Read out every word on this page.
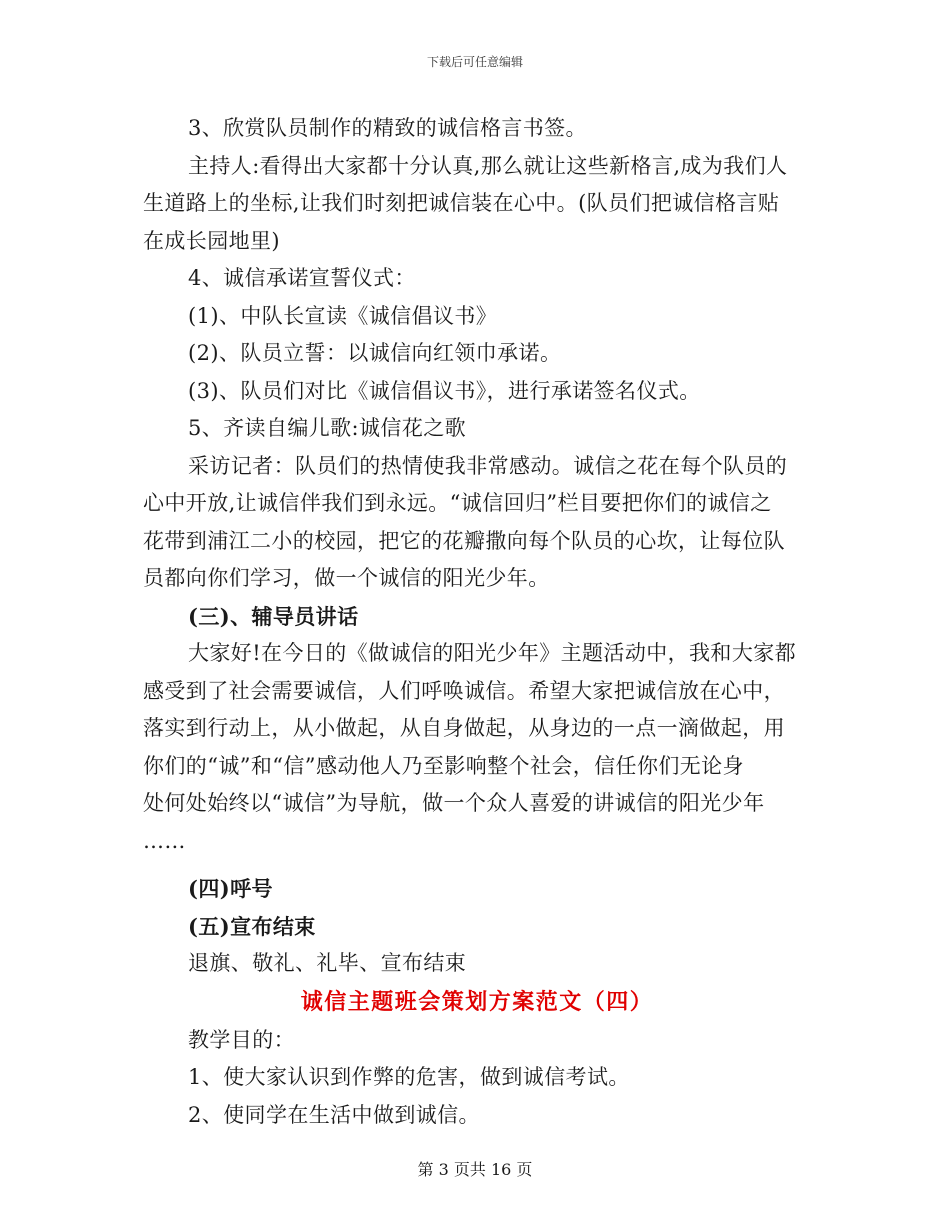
下载后可任意编辑
3、欣赏队员制作的精致的诚信格言书签。
主持人:看得出大家都十分认真,那么就让这些新格言,成为我们人
生道路上的坐标,让我们时刻把诚信装在心中。(队员们把诚信格言贴
在成长园地里)
4、诚信承诺宣誓仪式：
(1)、中队长宣读《诚信倡议书》
(2)、队员立誓：以诚信向红领巾承诺。
(3)、队员们对比《诚信倡议书》，进行承诺签名仪式。
5、齐读自编儿歌:诚信花之歌
采访记者：队员们的热情使我非常感动。诚信之花在每个队员的
心中开放,让诚信伴我们到永远。“诚信回归”栏目要把你们的诚信之
花带到浦江二小的校园，把它的花瓣撒向每个队员的心坎，让每位队
员都向你们学习，做一个诚信的阳光少年。
(三)、辅导员讲话
大家好!在今日的《做诚信的阳光少年》主题活动中，我和大家都
感受到了社会需要诚信，人们呼唤诚信。希望大家把诚信放在心中，
落实到行动上，从小做起，从自身做起，从身边的一点一滴做起，用
你们的“诚”和“信”感动他人乃至影响整个社会，信任你们无论身
处何处始终以“诚信”为导航，做一个众人喜爱的讲诚信的阳光少年
……
(四)呼号
(五)宣布结束
退旗、敬礼、礼毕、宣布结束
诚信主题班会策划方案范文（四）
教学目的：
1、使大家认识到作弊的危害，做到诚信考试。
2、使同学在生活中做到诚信。
第 3 页共 16 页
